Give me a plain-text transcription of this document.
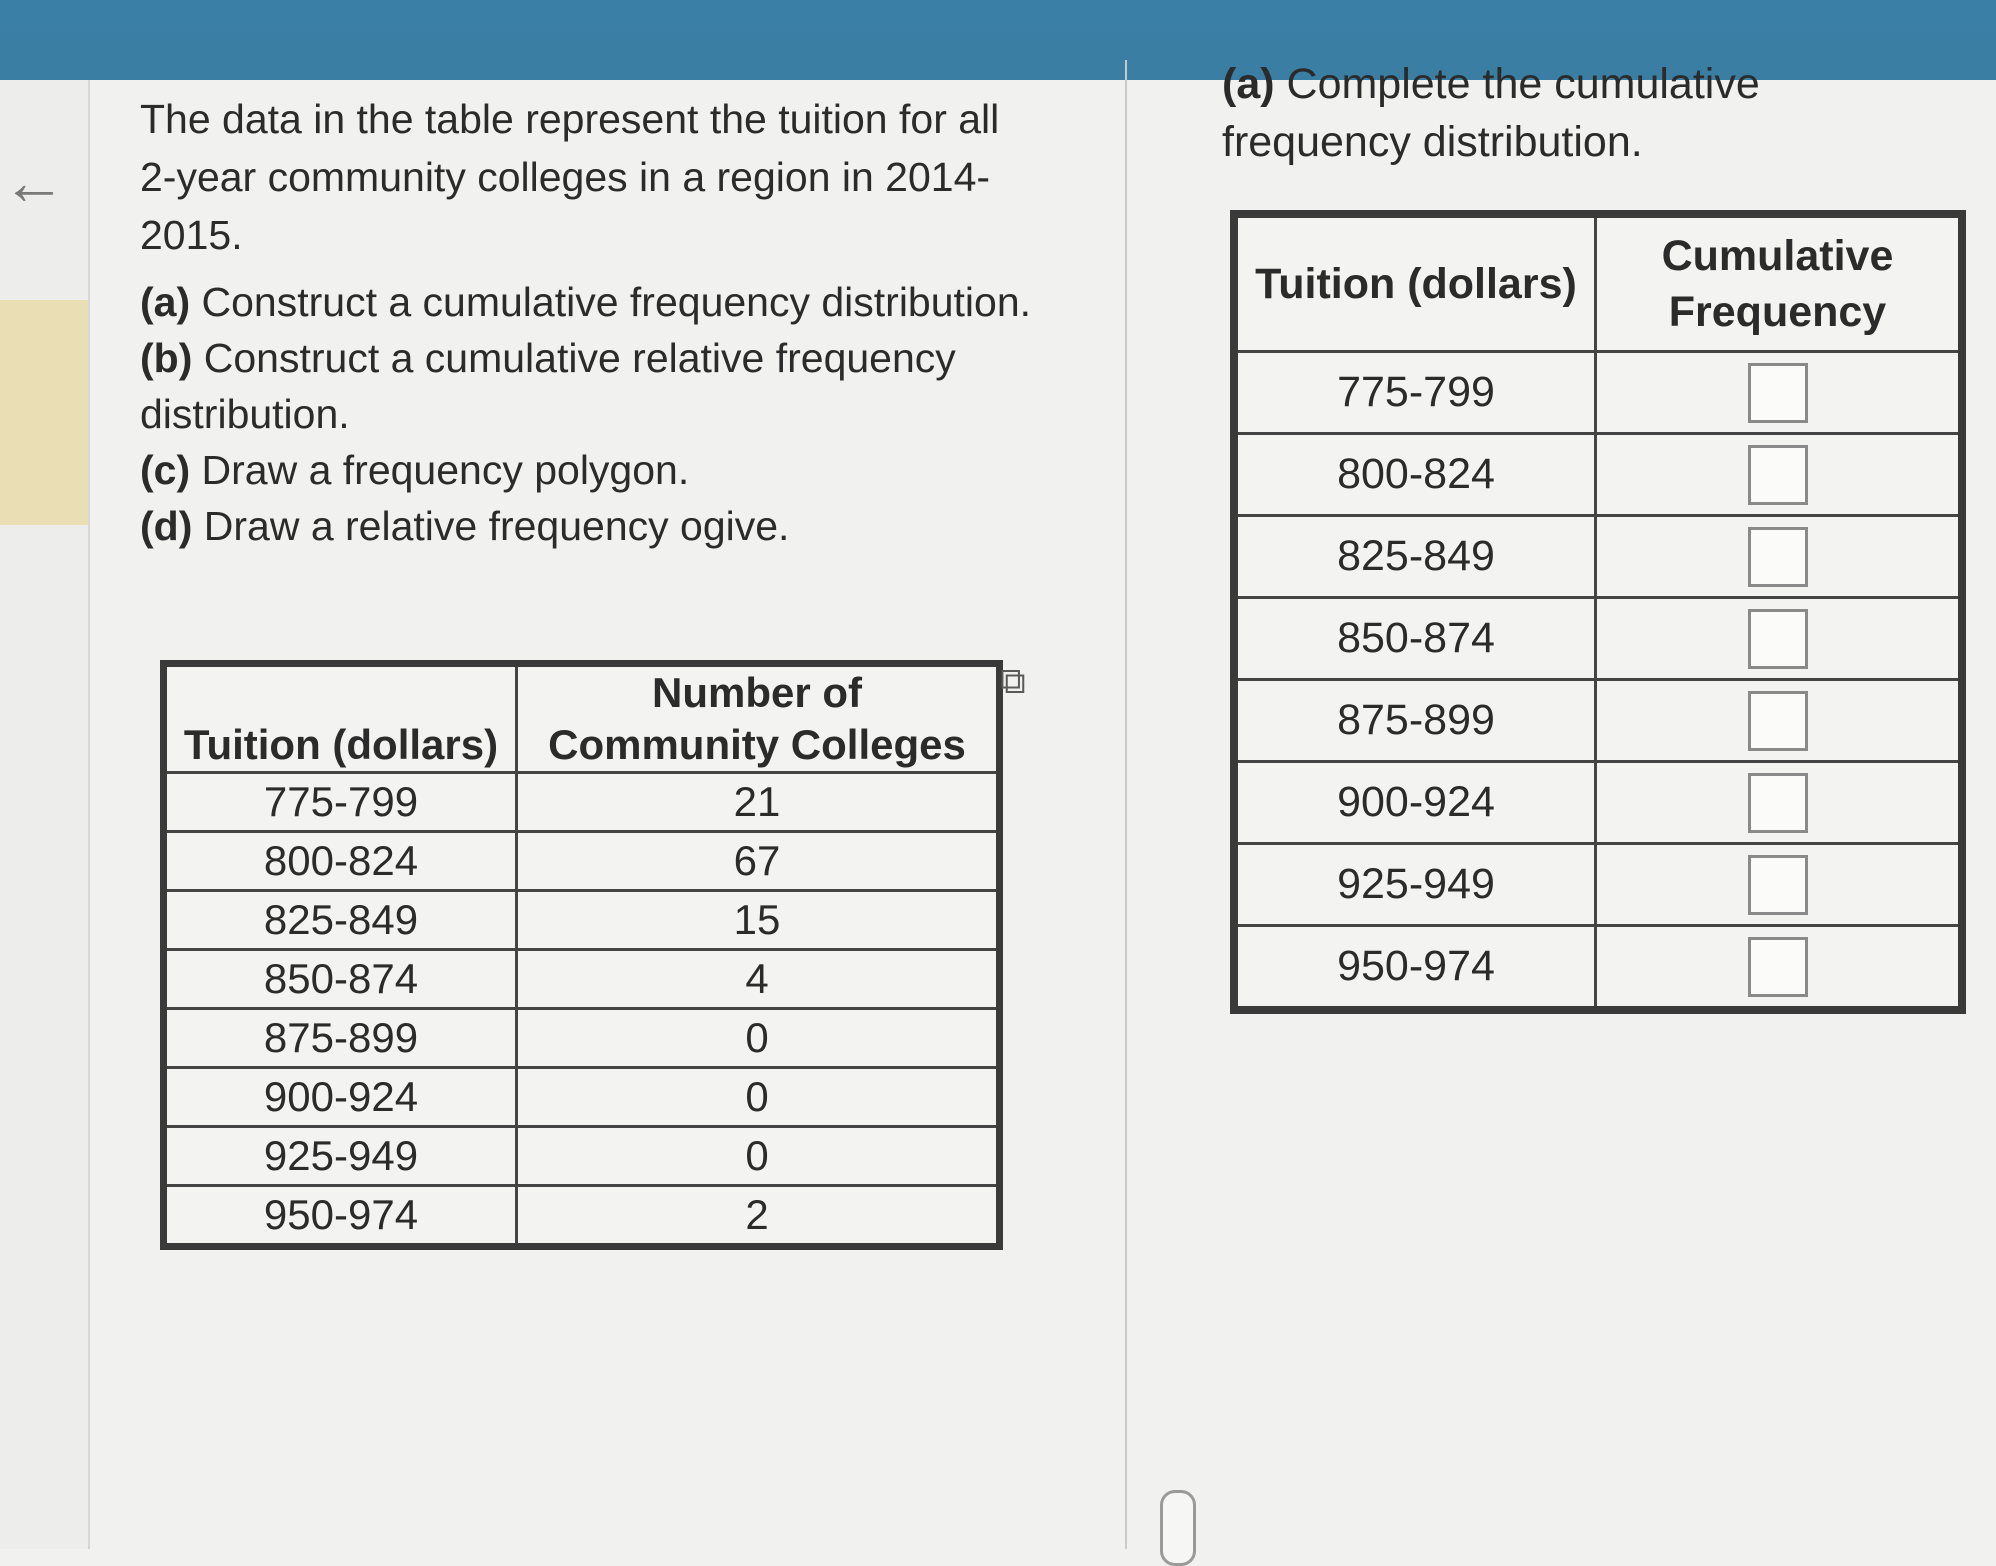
←

The data in the table represent the tuition for all 2-year community colleges in a region in 2014-2015.

(a) Construct a cumulative frequency distribution.

(b) Construct a cumulative relative frequency distribution.

(c) Draw a frequency polygon.

(d) Draw a relative frequency ogive.

Tuition (dollars)	Number of Community Colleges
775-799	21
800-824	67
825-849	15
850-874	4
875-899	0
900-924	0
925-949	0
950-974	2
⧉

(a) Complete the cumulative frequency distribution.

Tuition (dollars)	Cumulative Frequency
775-799	
800-824	
825-849	
850-874	
875-899	
900-924	
925-949	
950-974	
